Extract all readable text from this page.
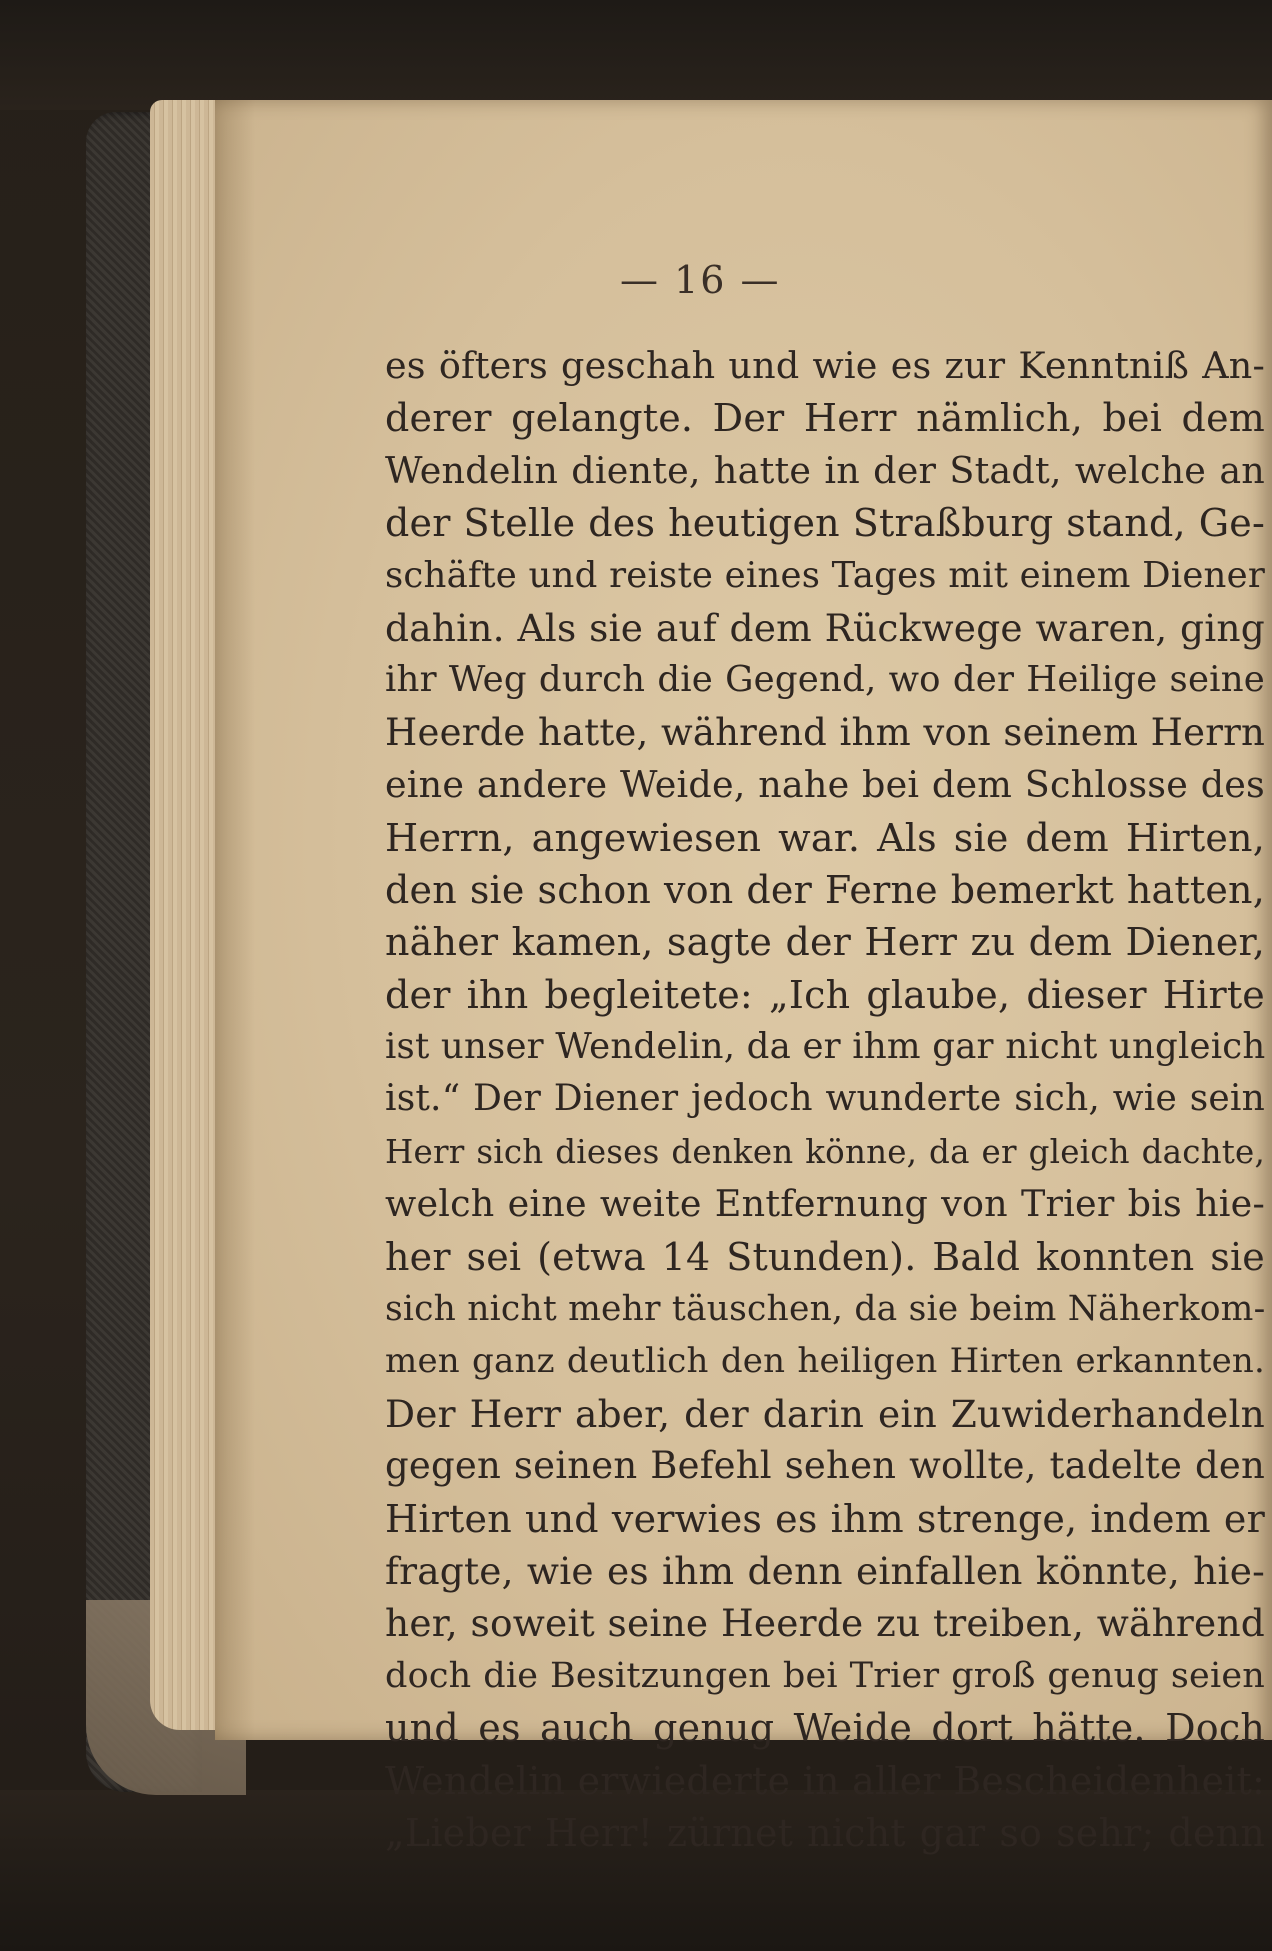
— 16 —
es öfters geschah und wie es zur Kenntniß An-
derer gelangte. Der Herr nämlich, bei dem
Wendelin diente, hatte in der Stadt, welche an
der Stelle des heutigen Straßburg stand, Ge-
schäfte und reiste eines Tages mit einem Diener
dahin. Als sie auf dem Rückwege waren, ging
ihr Weg durch die Gegend, wo der Heilige seine
Heerde hatte, während ihm von seinem Herrn
eine andere Weide, nahe bei dem Schlosse des
Herrn, angewiesen war. Als sie dem Hirten,
den sie schon von der Ferne bemerkt hatten,
näher kamen, sagte der Herr zu dem Diener,
der ihn begleitete: „Ich glaube, dieser Hirte
ist unser Wendelin, da er ihm gar nicht ungleich
ist.“ Der Diener jedoch wunderte sich, wie sein
Herr sich dieses denken könne, da er gleich dachte,
welch eine weite Entfernung von Trier bis hie-
her sei (etwa 14 Stunden). Bald konnten sie
sich nicht mehr täuschen, da sie beim Näherkom-
men ganz deutlich den heiligen Hirten erkannten.
Der Herr aber, der darin ein Zuwiderhandeln
gegen seinen Befehl sehen wollte, tadelte den
Hirten und verwies es ihm strenge, indem er
fragte, wie es ihm denn einfallen könnte, hie-
her, soweit seine Heerde zu treiben, während
doch die Besitzungen bei Trier groß genug seien
und es auch genug Weide dort hätte. Doch
Wendelin erwiederte in aller Bescheidenheit:
„Lieber Herr! zürnet nicht gar so sehr; denn
